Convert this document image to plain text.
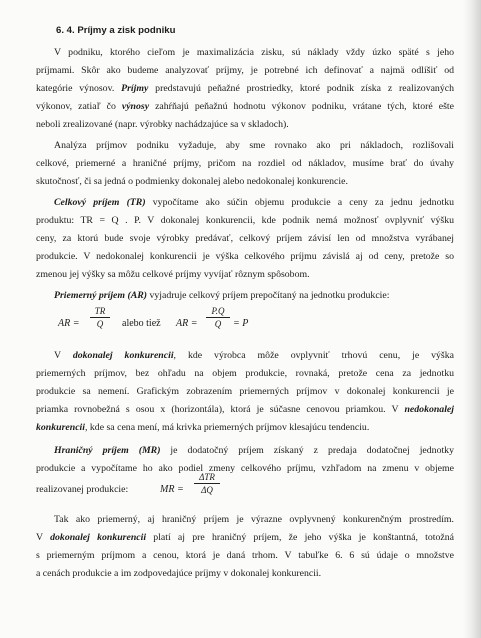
6. 4. Príjmy a zisk podniku
V podniku, ktorého cieľom je maximalizácia zisku, sú náklady vždy úzko späté s jeho
príjmami. Skôr ako budeme analyzovať príjmy, je potrebné ich definovať a najmä odlíšiť od
kategórie výnosov. Príjmy predstavujú peňažné prostriedky, ktoré podnik získa z realizovaných
výkonov, zatiaľ čo výnosy zahŕňajú peňažnú hodnotu výkonov podniku, vrátane tých, ktoré ešte
neboli zrealizované (napr. výrobky nachádzajúce sa v skladoch).
Analýza príjmov podniku vyžaduje, aby sme rovnako ako pri nákladoch, rozlišovali
celkové, priemerné a hraničné príjmy, pričom na rozdiel od nákladov, musíme brať do úvahy
skutočnosť, či sa jedná o podmienky dokonalej alebo nedokonalej konkurencie.
Celkový príjem (TR) vypočítame ako súčin objemu produkcie a ceny za jednu jednotku
produktu: TR = Q . P. V dokonalej konkurencii, kde podnik nemá možnosť ovplyvniť výšku
ceny, za ktorú bude svoje výrobky predávať, celkový príjem závisí len od množstva vyrábanej
produkcie. V nedokonalej konkurencii je výška celkového príjmu závislá aj od ceny, pretože so
zmenou jej výšky sa môžu celkové príjmy vyvíjať rôznym spôsobom.
Priemerný príjem (AR) vyjadruje celkový príjem prepočítaný na jednotku produkcie:
AR =
TR
Q	alebo tiež AR =
P.Q
Q	= P
V dokonalej konkurencii, kde výrobca môže ovplyvniť trhovú cenu, je výška
priemerných príjmov, bez ohľadu na objem produkcie, rovnaká, pretože cena za jednotku
produkcie sa nemení. Grafickým zobrazením priemerných príjmov v dokonalej konkurencii je
priamka rovnobežná s osou x (horizontála), ktorá je súčasne cenovou priamkou. V nedokonalej
konkurencii, kde sa cena mení, má krivka priemerných príjmov klesajúcu tendenciu.
Hraničný príjem (MR) je dodatočný príjem získaný z predaja dodatočnej jednotky
produkcie a vypočítame ho ako podiel zmeny celkového príjmu, vzhľadom na zmenu v objeme
realizovanej produkcie:	MR =
ΔTR
ΔQ
Tak ako priemerný, aj hraničný príjem je výrazne ovplyvnený konkurenčným prostredím.
V dokonalej konkurencii platí aj pre hraničný príjem, že jeho výška je konštantná, totožná
s priemerným príjmom a cenou, ktorá je daná trhom. V tabuľke 6. 6 sú údaje o množstve
a cenách produkcie a im zodpovedajúce príjmy v dokonalej konkurencii.
